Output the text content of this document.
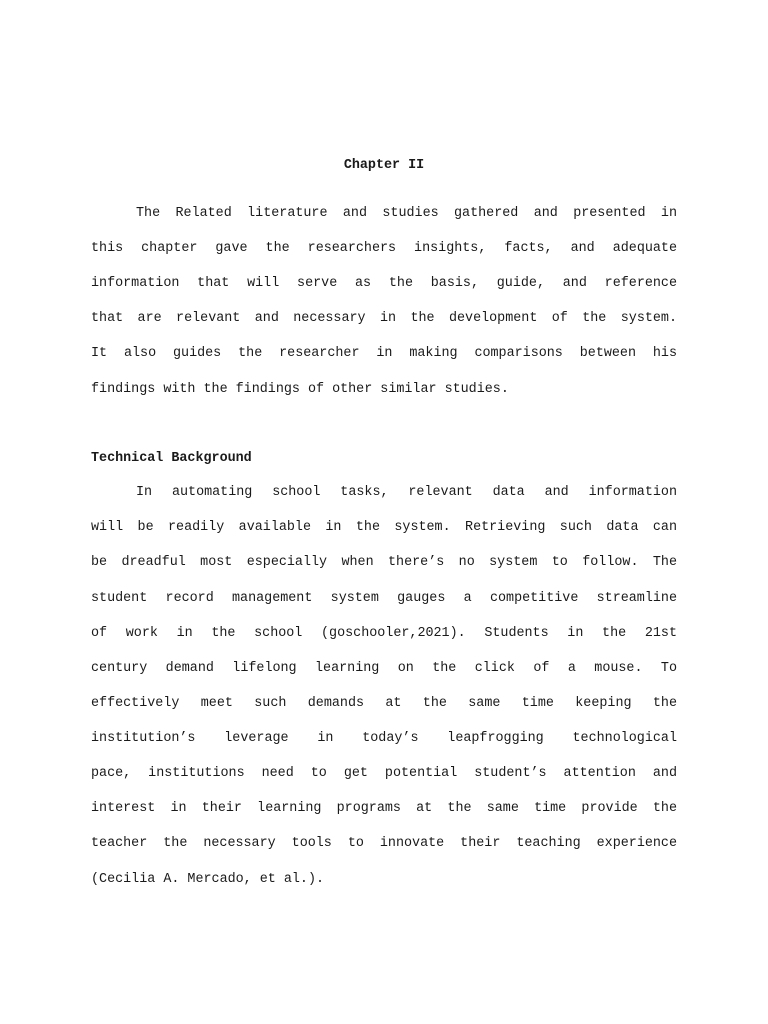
Chapter II
The Related literature and studies gathered and presented in
this chapter gave the researchers insights, facts, and adequate
information that will serve as the basis, guide, and reference
that are relevant and necessary in the development of the system.
It also guides the researcher in making comparisons between his
findings with the findings of other similar studies.
Technical Background
In automating school tasks, relevant data and information
will be readily available in the system. Retrieving such data can
be dreadful most especially when there’s no system to follow. The
student record management system gauges a competitive streamline
of work in the school (goschooler,2021). Students in the 21st
century demand lifelong learning on the click of a mouse. To
effectively meet such demands at the same time keeping the
institution’s leverage in today’s leapfrogging technological
pace, institutions need to get potential student’s attention and
interest in their learning programs at the same time provide the
teacher the necessary tools to innovate their teaching experience
(Cecilia A. Mercado, et al.).
